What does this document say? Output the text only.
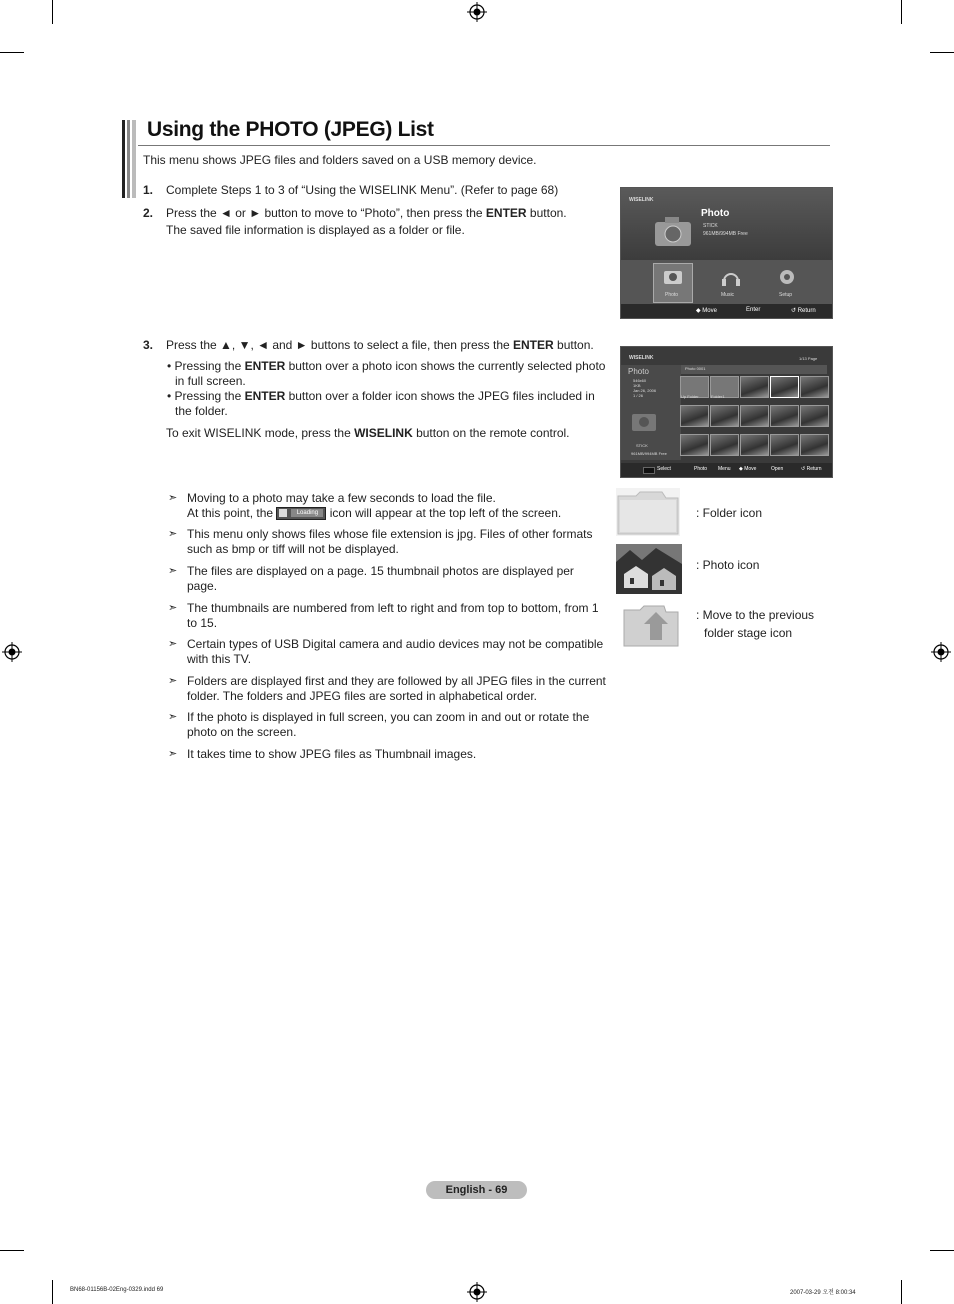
Using the PHOTO (JPEG) List
This menu shows JPEG files and folders saved on a USB memory device.
1. Complete Steps 1 to 3 of “Using the WISELINK Menu”. (Refer to page 68)
2. Press the ◄ or ► button to move to “Photo”, then press the ENTER button.
The saved file information is displayed as a folder or file.
3. Press the ▲, ▼, ◄ and ► buttons to select a file, then press the ENTER button.
• Pressing the ENTER button over a photo icon shows the currently selected photo
in full screen.
• Pressing the ENTER button over a folder icon shows the JPEG files included in
the folder.
To exit WISELINK mode, press the WISELINK button on the remote control.
➣ Moving to a photo may take a few seconds to load the file.
At this point, the	Loading icon will appear at the top left of the screen.
➣ This menu only shows files whose file extension is jpg. Files of other formats
such as bmp or tiff will not be displayed.
➣ The files are displayed on a page. 15 thumbnail photos are displayed per
page.
➣ The thumbnails are numbered from left to right and from top to bottom, from 1
to 15.
➣ Certain types of USB Digital camera and audio devices may not be compatible
with this TV.
➣ Folders are displayed first and they are followed by all JPEG files in the current
folder. The folders and JPEG files are sorted in alphabetical order.
➣ If the photo is displayed in full screen, you can zoom in and out or rotate the
photo on the screen.
➣ It takes time to show JPEG files as Thumbnail images.
WISELINK
Photo
STICK
961MB/994MB Free
Photo	Music	Setup
◆ Move	Enter	↺ Return
WISELINK	1/13 Page
Photo
546x60
1KB
Jan 26, 2006
1 / 26
STICK
961MB/994MB Free
Photo 0001
Up Folder	Folder1
Select	Photo Menu ◆ Move	Open	↺ Return
: Folder icon
: Photo icon
: Move to the previous
folder stage icon
English - 69
BN68-01156B-02Eng-0329.indd 69	2007-03-29 오전 8:00:34
